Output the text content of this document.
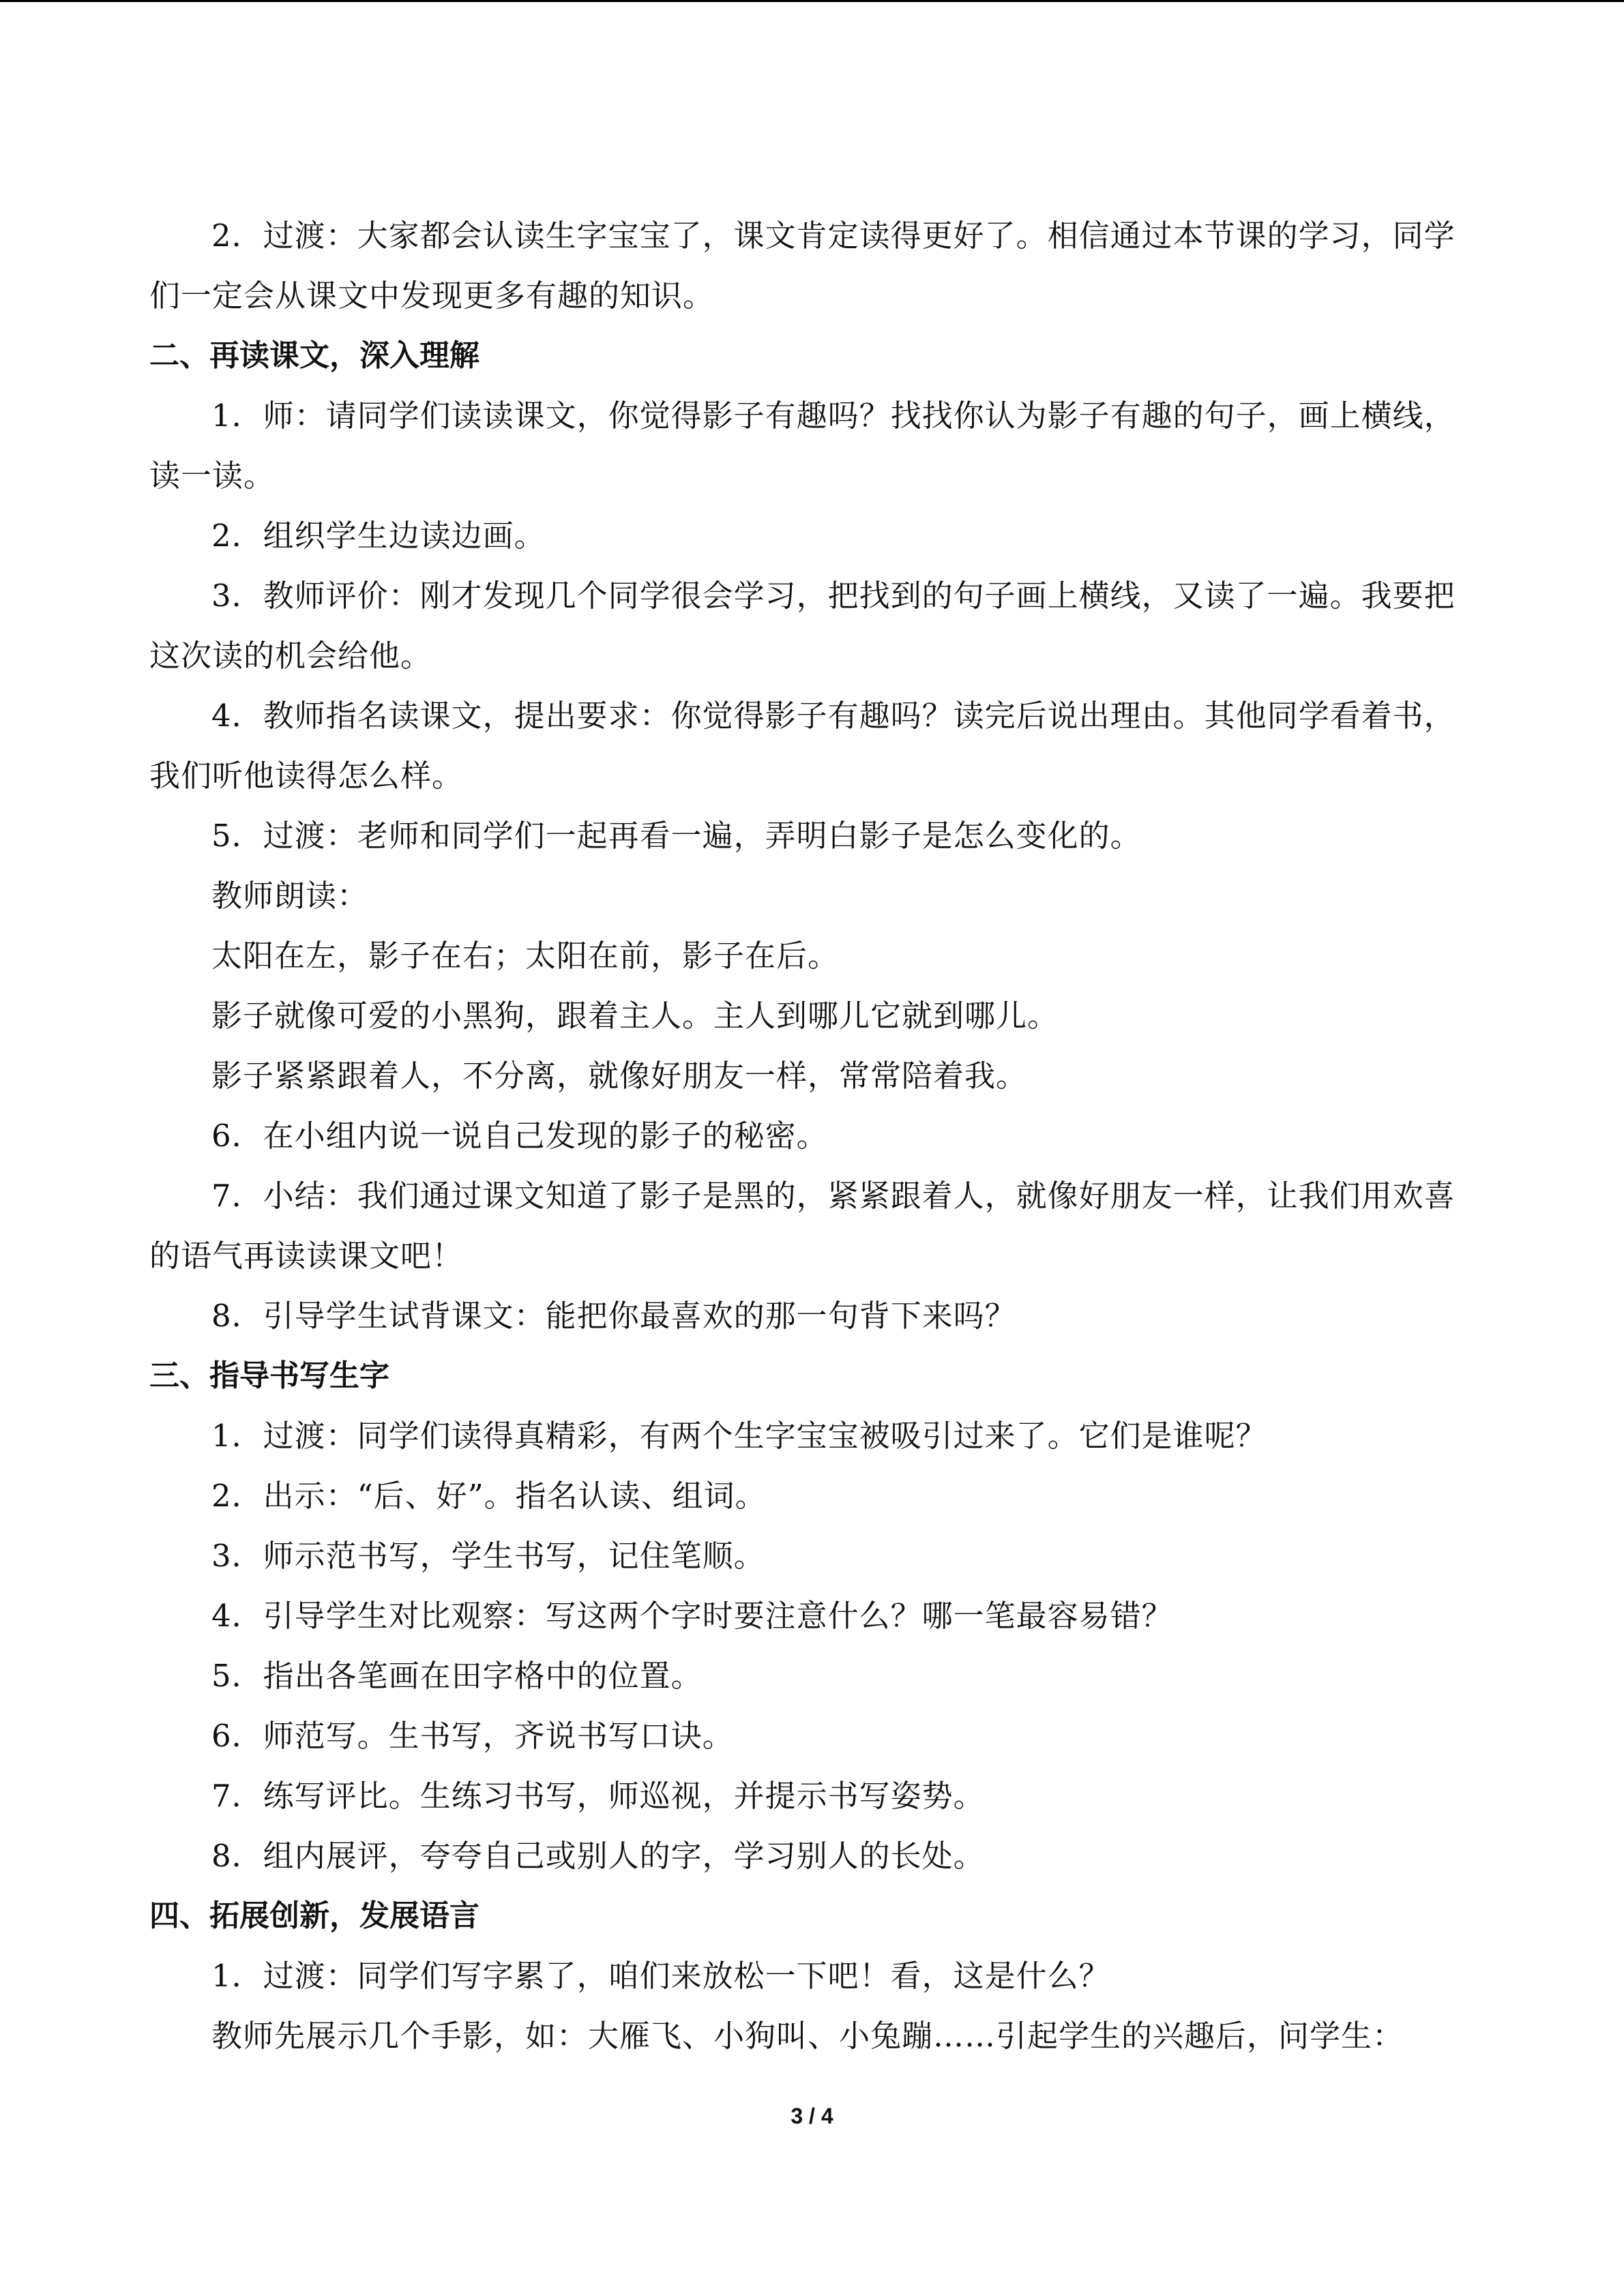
2．过渡：大家都会认读生字宝宝了，课文肯定读得更好了。相信通过本节课的学习，同学们一定会从课文中发现更多有趣的知识。

二、再读课文，深入理解

1．师：请同学们读读课文，你觉得影子有趣吗？找找你认为影子有趣的句子，画上横线，读一读。

2．组织学生边读边画。

3．教师评价：刚才发现几个同学很会学习，把找到的句子画上横线，又读了一遍。我要把这次读的机会给他。

4．教师指名读课文，提出要求：你觉得影子有趣吗？读完后说出理由。其他同学看着书，我们听他读得怎么样。

5．过渡：老师和同学们一起再看一遍，弄明白影子是怎么变化的。

教师朗读：

太阳在左，影子在右；太阳在前，影子在后。

影子就像可爱的小黑狗，跟着主人。主人到哪儿它就到哪儿。

影子紧紧跟着人，不分离，就像好朋友一样，常常陪着我。

6．在小组内说一说自己发现的影子的秘密。

7．小结：我们通过课文知道了影子是黑的，紧紧跟着人，就像好朋友一样，让我们用欢喜的语气再读读课文吧！

8．引导学生试背课文：能把你最喜欢的那一句背下来吗？

三、指导书写生字

1．过渡：同学们读得真精彩，有两个生字宝宝被吸引过来了。它们是谁呢？

2．出示：“后、好”。指名认读、组词。

3．师示范书写，学生书写，记住笔顺。

4．引导学生对比观察：写这两个字时要注意什么？哪一笔最容易错？

5．指出各笔画在田字格中的位置。

6．师范写。生书写，齐说书写口诀。

7．练写评比。生练习书写，师巡视，并提示书写姿势。

8．组内展评，夸夸自己或别人的字，学习别人的长处。

四、拓展创新，发展语言

1．过渡：同学们写字累了，咱们来放松一下吧！看，这是什么？

教师先展示几个手影，如：大雁飞、小狗叫、小兔蹦……引起学生的兴趣后，问学生：

3 / 4
